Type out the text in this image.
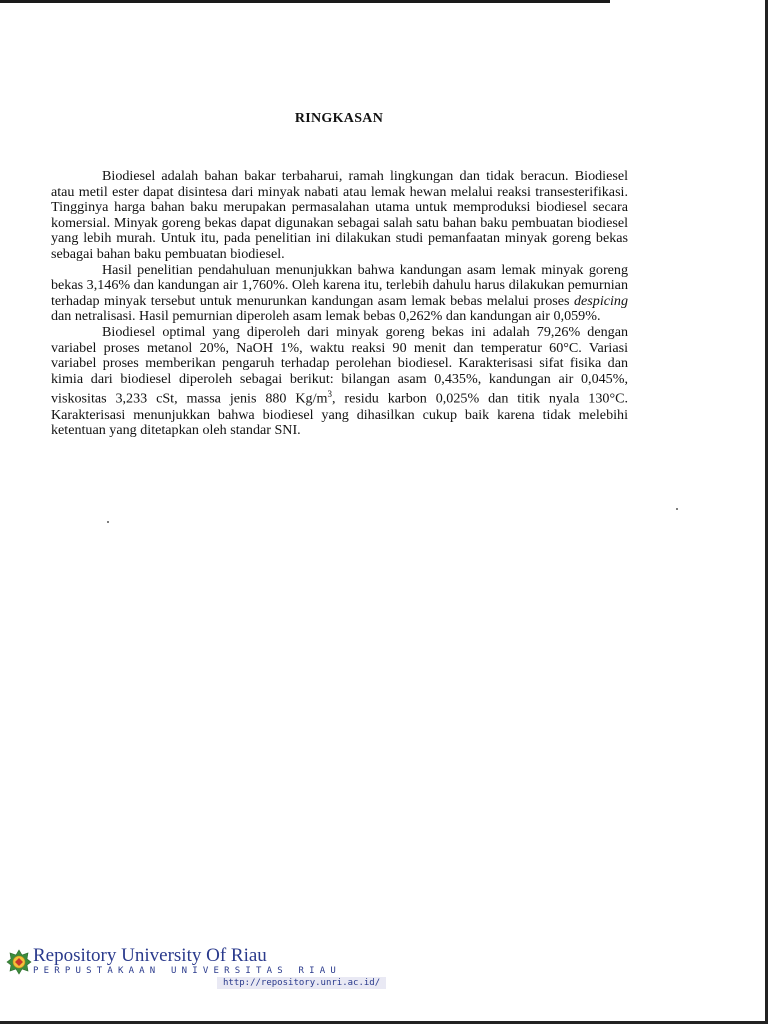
RINGKASAN

Biodiesel adalah bahan bakar terbaharui, ramah lingkungan dan tidak beracun. Biodiesel atau metil ester dapat disintesa dari minyak nabati atau lemak hewan melalui reaksi transesterifikasi. Tingginya harga bahan baku merupakan permasalahan utama untuk memproduksi biodiesel secara komersial. Minyak goreng bekas dapat digunakan sebagai salah satu bahan baku pembuatan biodiesel yang lebih murah. Untuk itu, pada penelitian ini dilakukan studi pemanfaatan minyak goreng bekas sebagai bahan baku pembuatan biodiesel.

Hasil penelitian pendahuluan menunjukkan bahwa kandungan asam lemak minyak goreng bekas 3,146% dan kandungan air 1,760%. Oleh karena itu, terlebih dahulu harus dilakukan pemurnian terhadap minyak tersebut untuk menurunkan kandungan asam lemak bebas melalui proses despicing dan netralisasi. Hasil pemurnian diperoleh asam lemak bebas 0,262% dan kandungan air 0,059%.

Biodiesel optimal yang diperoleh dari minyak goreng bekas ini adalah 79,26% dengan variabel proses metanol 20%, NaOH 1%, waktu reaksi 90 menit dan temperatur 60°C. Variasi variabel proses memberikan pengaruh terhadap perolehan biodiesel. Karakterisasi sifat fisika dan kimia dari biodiesel diperoleh sebagai berikut: bilangan asam 0,435%, kandungan air 0,045%, viskositas 3,233 cSt, massa jenis 880 $Kg/m^3$, residu karbon 0,025% dan titik nyala 130°C. Karakterisasi menunjukkan bahwa biodiesel yang dihasilkan cukup baik karena tidak melebihi ketentuan yang ditetapkan oleh standar SNI.

Repository University Of Riau
PERPUSTAKAAN UNIVERSITAS RIAU
http://repository.unri.ac.id/
